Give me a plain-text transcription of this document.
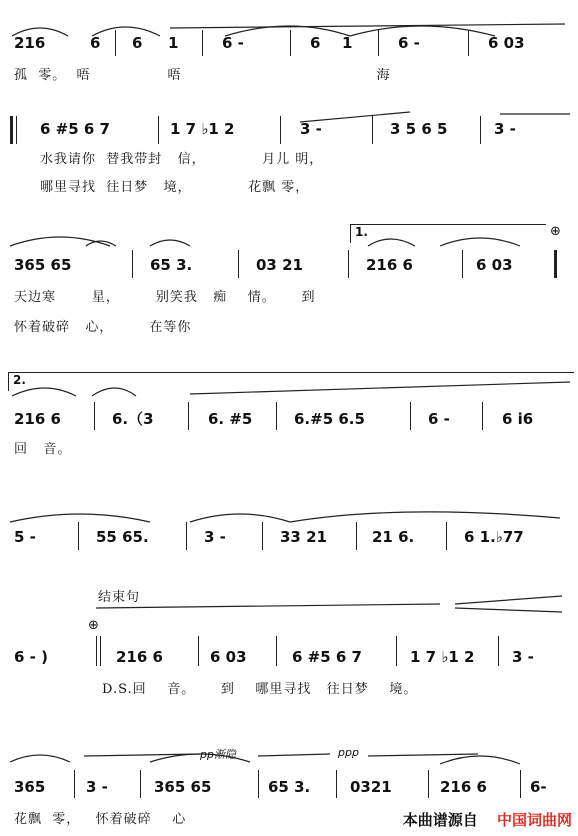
216	6 6 1	6 -	6 1	6 -	6 03
孤  零。  唔               唔                                      海
6 #5 6 7	1 7 ♭1 2	3 -	3 5 6 5	3 -
水我请你  替我带封   信，           月儿 明，
哪里寻找  往日梦   境，           花飘 零，
1.	⊕
365 65	65 3.	03 21	216 6	6 03
天边寒       星，       别笑我   痴    情。     到
怀着破碎   心，       在等你
2.
216 6	6.（3	6. #5	6.#5 6.5	6 -	6 i6
回   音。
5 -	55 65.	3 -	33 21	21 6.	6 1.♭77
结束句
⊕
6 - )	216 6	6 03	6 #5 6 7	1 7 ♭1 2	3 -
D.S.回    音。     到    哪里寻找   往日梦    境。
pp渐隐	ppp
365	3 -	365 65	65 3.	0321	216 6	6-
花飘  零，   怀着破碎    心	本曲谱源自 中国词曲网
